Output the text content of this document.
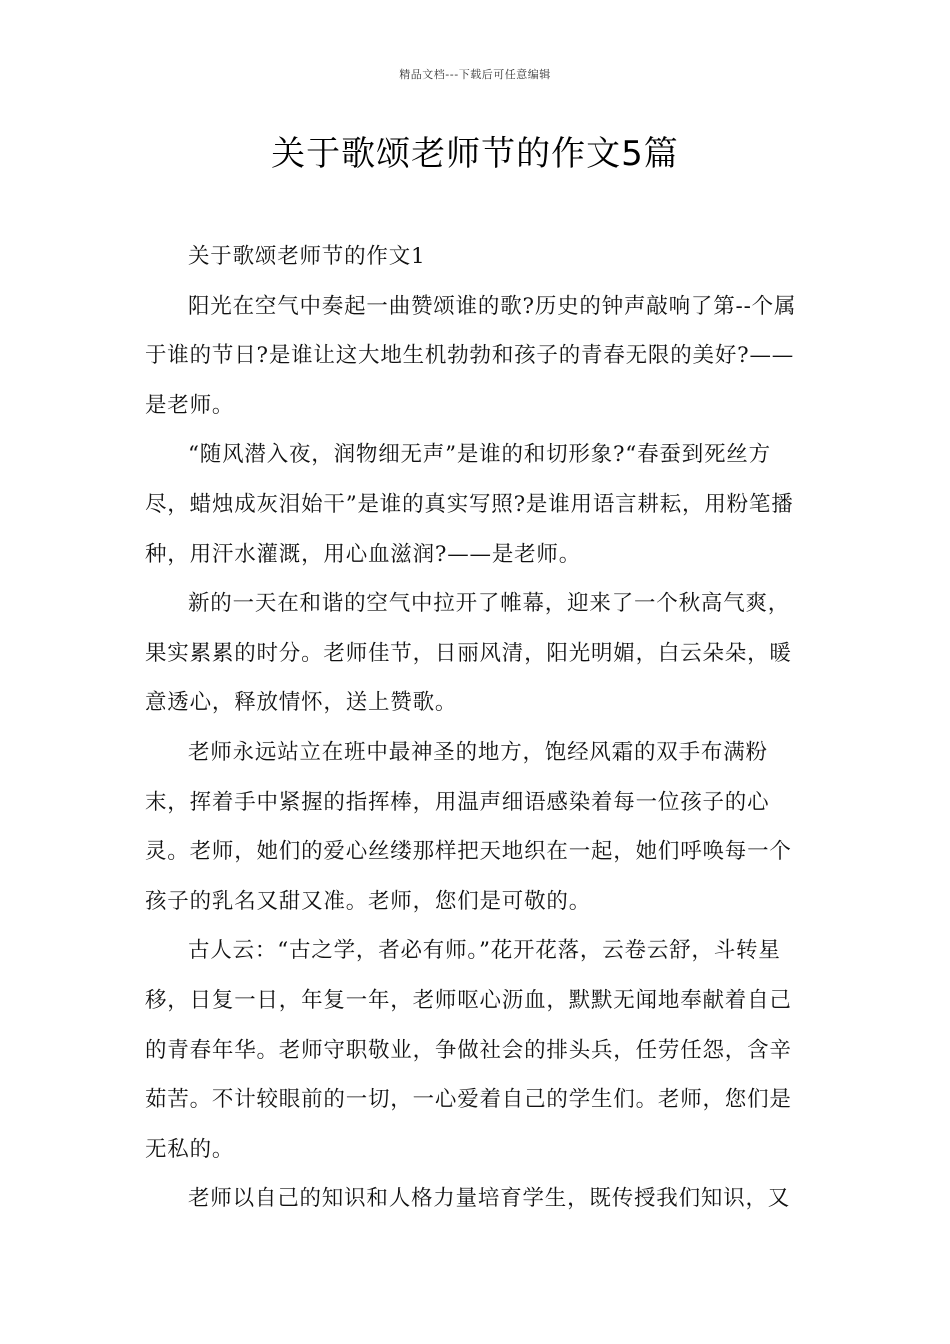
精品文档---下载后可任意编辑
关于歌颂老师节的作文5篇

关于歌颂老师节的作文1

阳光在空气中奏起一曲赞颂谁的歌?历史的钟声敲响了第--个属于谁的节日?是谁让这大地生机勃勃和孩子的青春无限的美好?——是老师。

“随风潜入夜，润物细无声”是谁的和切形象?“春蚕到死丝方尽，蜡烛成灰泪始干”是谁的真实写照?是谁用语言耕耘，用粉笔播种，用汗水灌溉，用心血滋润?——是老师。

新的一天在和谐的空气中拉开了帷幕，迎来了一个秋高气爽，果实累累的时分。老师佳节，日丽风清，阳光明媚，白云朵朵，暖意透心，释放情怀，送上赞歌。

老师永远站立在班中最神圣的地方，饱经风霜的双手布满粉末，挥着手中紧握的指挥棒，用温声细语感染着每一位孩子的心灵。老师，她们的爱心丝缕那样把天地织在一起，她们呼唤每一个孩子的乳名又甜又准。老师，您们是可敬的。

古人云：“古之学，者必有师。”花开花落，云卷云舒，斗转星移，日复一日，年复一年，老师呕心沥血，默默无闻地奉献着自己的青春年华。老师守职敬业，争做社会的排头兵，任劳任怨，含辛茹苦。不计较眼前的一切，一心爱着自己的学生们。老师，您们是无私的。

老师以自己的知识和人格力量培育学生，既传授我们知识，又
